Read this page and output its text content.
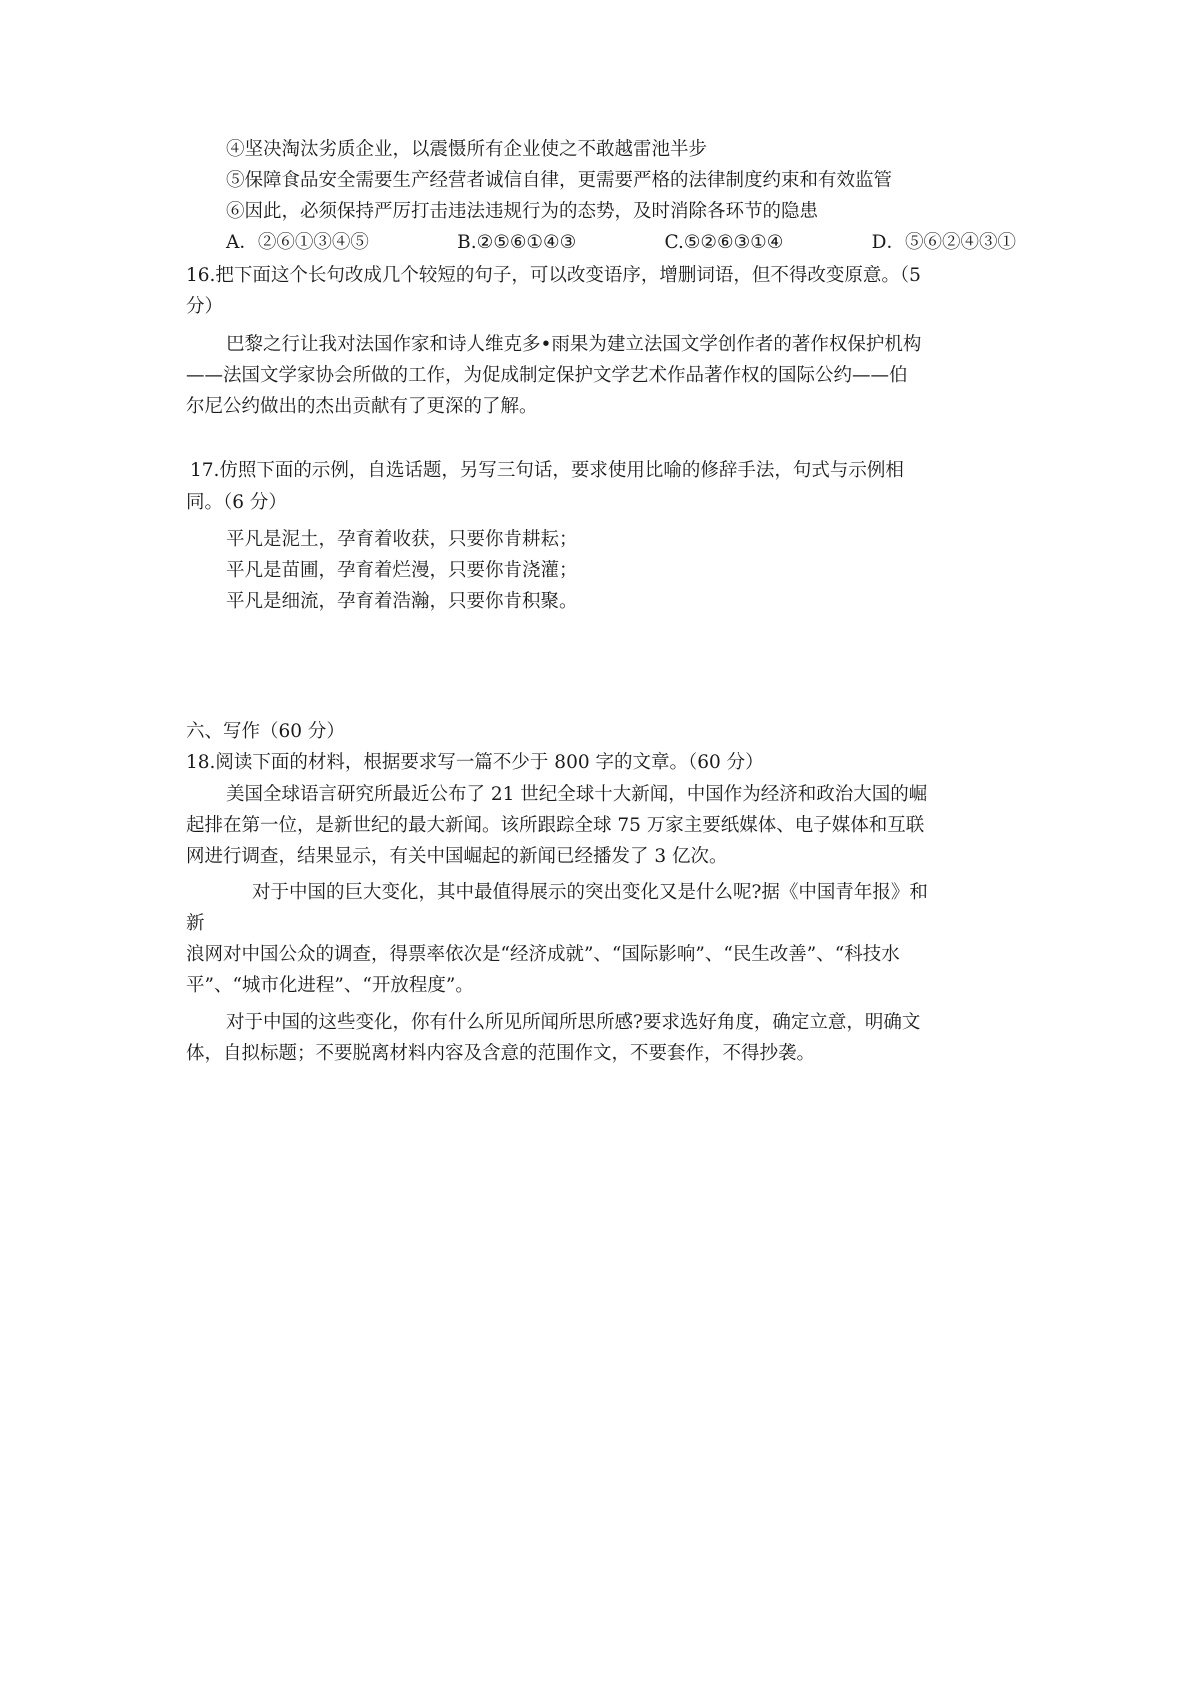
④坚决淘汰劣质企业，以震慑所有企业使之不敢越雷池半步
⑤保障食品安全需要生产经营者诚信自律，更需要严格的法律制度约束和有效监管
⑥因此，必须保持严厉打击违法违规行为的态势，及时消除各环节的隐患
A．②⑥①③④⑤	B.②⑤⑥①④③	C.⑤②⑥③①④	D．⑤⑥②④③①
16.把下面这个长句改成几个较短的句子，可以改变语序，增删词语，但不得改变原意。（5
分）
巴黎之行让我对法国作家和诗人维克多•雨果为建立法国文学创作者的著作权保护机构
——法国文学家协会所做的工作，为促成制定保护文学艺术作品著作权的国际公约——伯
尔尼公约做出的杰出贡献有了更深的了解。
17.仿照下面的示例，自选话题，另写三句话，要求使用比喻的修辞手法，句式与示例相
同。（6 分）
平凡是泥土，孕育着收获，只要你肯耕耘；
平凡是苗圃，孕育着烂漫，只要你肯浇灌；
平凡是细流，孕育着浩瀚，只要你肯积聚。
六、写作（60 分）
18.阅读下面的材料，根据要求写一篇不少于 800 字的文章。（60 分）
美国全球语言研究所最近公布了 21 世纪全球十大新闻，中国作为经济和政治大国的崛
起排在第一位，是新世纪的最大新闻。该所跟踪全球 75 万家主要纸媒体、电子媒体和互联
网进行调查，结果显示，有关中国崛起的新闻已经播发了 3 亿次。
对于中国的巨大变化，其中最值得展示的突出变化又是什么呢?据《中国青年报》和
新
浪网对中国公众的调查，得票率依次是“经济成就”、“国际影响”、“民生改善”、“科技水
平”、“城市化进程”、“开放程度”。
对于中国的这些变化，你有什么所见所闻所思所感?要求选好角度，确定立意，明确文
体，自拟标题；不要脱离材料内容及含意的范围作文，不要套作，不得抄袭。
